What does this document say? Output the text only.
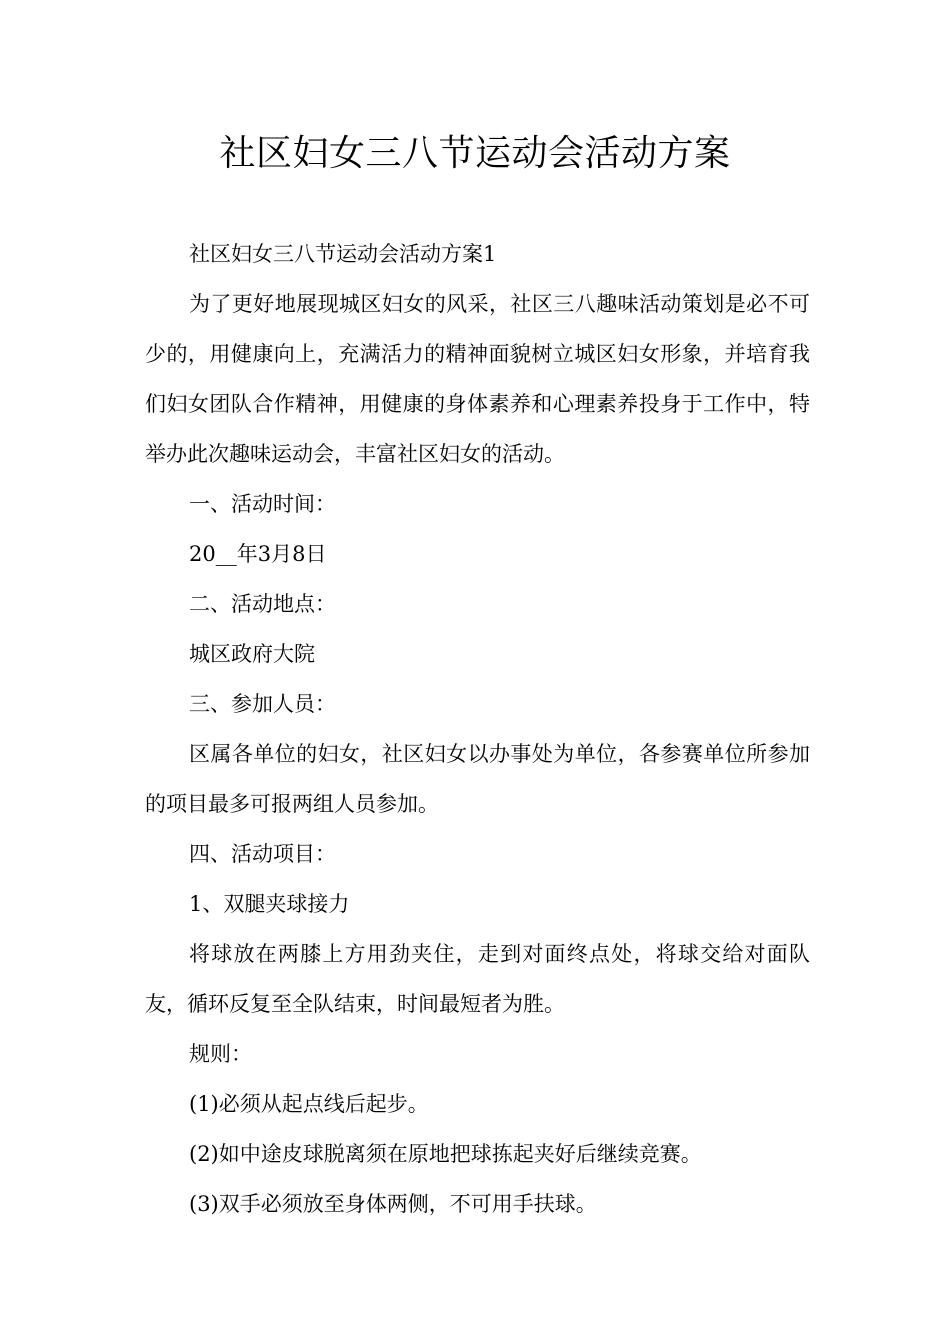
社区妇女三八节运动会活动方案

社区妇女三八节运动会活动方案1

为了更好地展现城区妇女的风采，社区三八趣味活动策划是必不可少的，用健康向上，充满活力的精神面貌树立城区妇女形象，并培育我们妇女团队合作精神，用健康的身体素养和心理素养投身于工作中，特举办此次趣味运动会，丰富社区妇女的活动。

一、活动时间：

20__年3月8日

二、活动地点：

城区政府大院

三、参加人员：

区属各单位的妇女，社区妇女以办事处为单位，各参赛单位所参加的项目最多可报两组人员参加。

四、活动项目：

1、双腿夹球接力

将球放在两膝上方用劲夹住，走到对面终点处，将球交给对面队友，循环反复至全队结束，时间最短者为胜。

规则：

(1)必须从起点线后起步。

(2)如中途皮球脱离须在原地把球拣起夹好后继续竞赛。

(3)双手必须放至身体两侧，不可用手扶球。
